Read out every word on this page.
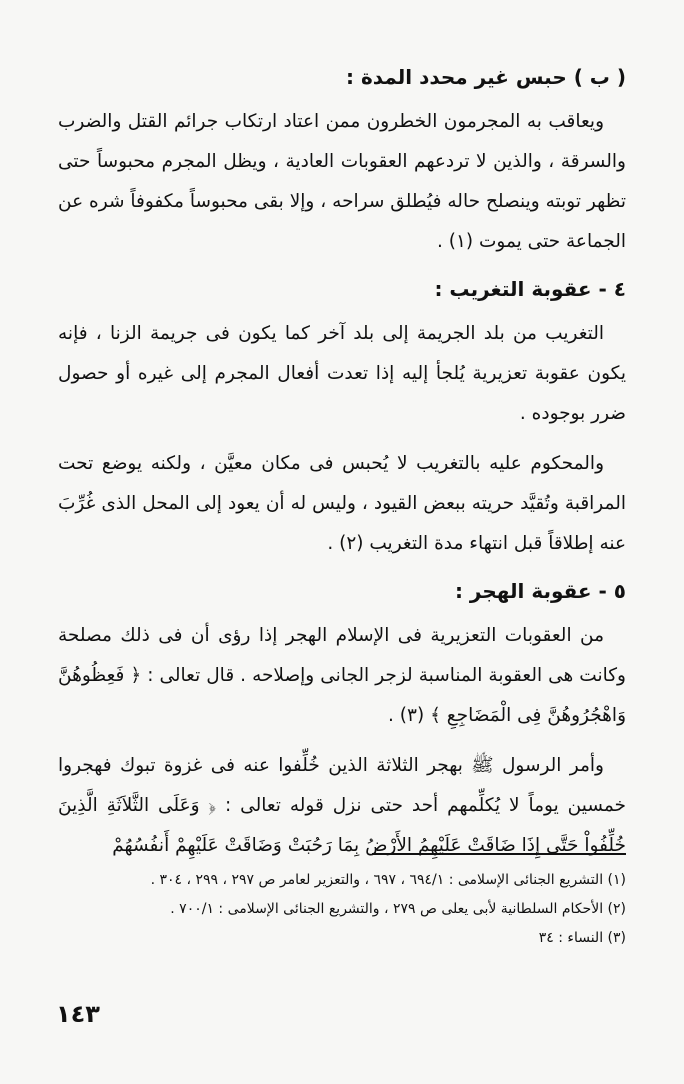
( ب ) حبس غير محدد المدة :

ويعاقب به المجرمون الخطرون ممن اعتاد ارتكاب جرائم القتل والضرب والسرقة ، والذين لا تردعهم العقوبات العادية ، ويظل المجرم محبوساً حتى تظهر توبته وينصلح حاله فيُطلق سراحه ، وإلا بقى محبوساً مكفوفاً شره عن الجماعة حتى يموت (١) .

٤ - عقوبة التغريب :

التغريب من بلد الجريمة إلى بلد آخر كما يكون فى جريمة الزنا ، فإنه يكون عقوبة تعزيرية يُلجأ إليه إذا تعدت أفعال المجرم إلى غيره أو حصول ضرر بوجوده .

والمحكوم عليه بالتغريب لا يُحبس فى مكان معيَّن ، ولكنه يوضع تحت المراقبة وتُقيَّد حريته ببعض القيود ، وليس له أن يعود إلى المحل الذى غُرِّبَ عنه إطلاقاً قبل انتهاء مدة التغريب (٢) .

٥ - عقوبة الهجر :

من العقوبات التعزيرية فى الإسلام الهجر إذا رؤى أن فى ذلك مصلحة وكانت هى العقوبة المناسبة لزجر الجانى وإصلاحه . قال تعالى : ﴿ فَعِظُوهُنَّ وَاهْجُرُوهُنَّ فِى الْمَضَاجِعِ ﴾ (٣) .

وأمر الرسول ﷺ بهجر الثلاثة الذين خُلِّفوا عنه فى غزوة تبوك فهجروا خمسين يوماً لا يُكلِّمهم أحد حتى نزل قوله تعالى : ﴿ وَعَلَى الثَّلاَثَةِ الَّذِينَ خُلِّفُواْ حَتَّى إِذَا ضَاقَتْ عَلَيْهِمُ الأَرْضُ بِمَا رَحُبَتْ وَضَاقَتْ عَلَيْهِمْ أَنفُسُهُمْ

(١) التشريع الجنائى الإسلامى : ٦٩٤/١ ، ٦٩٧ ، والتعزير لعامر ص ٢٩٧ ، ٢٩٩ ، ٣٠٤ .
(٢) الأحكام السلطانية لأبى يعلى ص ٢٧٩ ، والتشريع الجنائى الإسلامى : ٧٠٠/١ .
(٣) النساء : ٣٤
١٤٣
